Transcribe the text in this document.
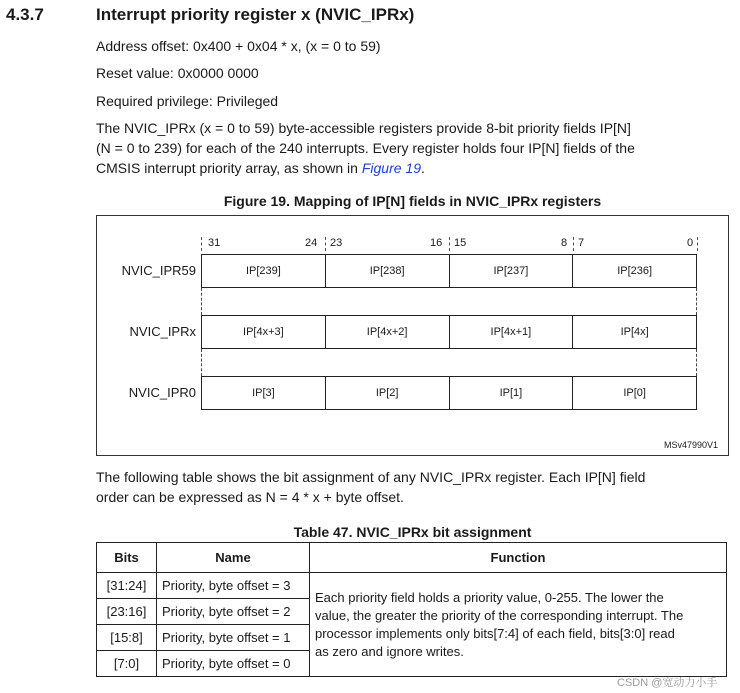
4.3.7	Interrupt priority register x (NVIC_IPRx)
Address offset: 0x400 + 0x04 * x, (x = 0 to 59)
Reset value: 0x0000 0000
Required privilege: Privileged
The NVIC_IPRx (x = 0 to 59) byte-accessible registers provide 8-bit priority fields IP[N]
(N = 0 to 239) for each of the 240 interrupts. Every register holds four IP[N] fields of the
CMSIS interrupt priority array, as shown in Figure 19.
Figure 19. Mapping of IP[N] fields in NVIC_IPRx registers
31	24 23	16 15	8 7	0
NVIC_IPR59	IP[239]	IP[238]	IP[237]	IP[236]
NVIC_IPRx	IP[4x+3]	IP[4x+2]	IP[4x+1]	IP[4x]
NVIC_IPR0	IP[3]	IP[2]	IP[1]	IP[0]
MSv47990V1
The following table shows the bit assignment of any NVIC_IPRx register. Each IP[N] field
order can be expressed as N = 4 * x + byte offset.
Table 47. NVIC_IPRx bit assignment
Bits	Name	Function
[31:24]	Priority, byte offset = 3	Each priority field holds a priority value, 0-255. The lower the
value, the greater the priority of the corresponding interrupt. The
processor implements only bits[7:4] of each field, bits[3:0] read
as zero and ignore writes.

[23:16]	Priority, byte offset = 2	
[15:8]	Priority, byte offset = 1	
[7:0]	Priority, byte offset = 0	
CSDN @宽动力小手
